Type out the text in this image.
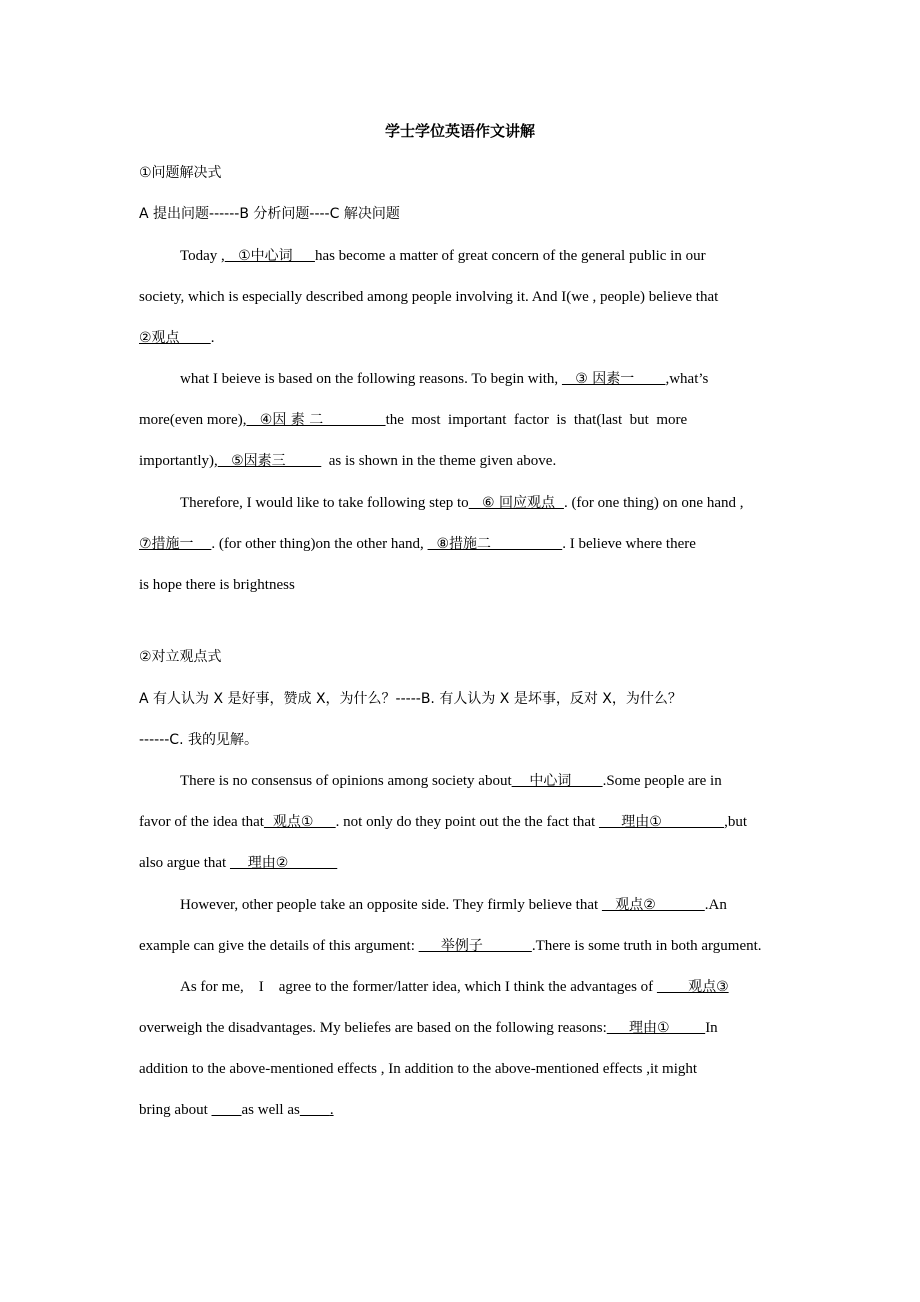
学士学位英语作文讲解
①问题解决式
A 提出问题------B 分析问题----C 解决问题
Today ,   ①中心词     has become a matter of great concern of the general public in our
society, which is especially described among people involving it. And I(we , people) believe that
②观点       .
what I beieve is based on the following reasons. To begin with,    ③ 因素一       ,what’s
more(even more),   ④因 素 二              the  most  important  factor  is  that(last  but  more
importantly),   ⑤因素三          as is shown in the theme given above.
Therefore, I would like to take following step to   ⑥ 回应观点  . (for one thing) on one hand ,
⑦措施一    . (for other thing)on the other hand,   ⑧措施二                . I believe where there
is hope there is brightness
②对立观点式
A 有人认为 X 是好事，赞成 X，为什么？-----B. 有人认为 X 是坏事，反对 X，为什么？
------C. 我的见解。
There is no consensus of opinions among society about    中心词       .Some people are in
favor of the idea that  观点①     . not only do they point out the the fact that      理由①              ,but
also argue that     理由②
However, other people take an opposite side. They firmly believe that    观点②           .An
example can give the details of this argument:      举例子           .There is some truth in both argument.
As for me,    I    agree to the former/latter idea, which I think the advantages of        观点③
overweigh the disadvantages. My beliefes are based on the following reasons:     理由①        In
addition to the above-mentioned effects , In addition to the above-mentioned effects ,it might
bring about         as well as .
